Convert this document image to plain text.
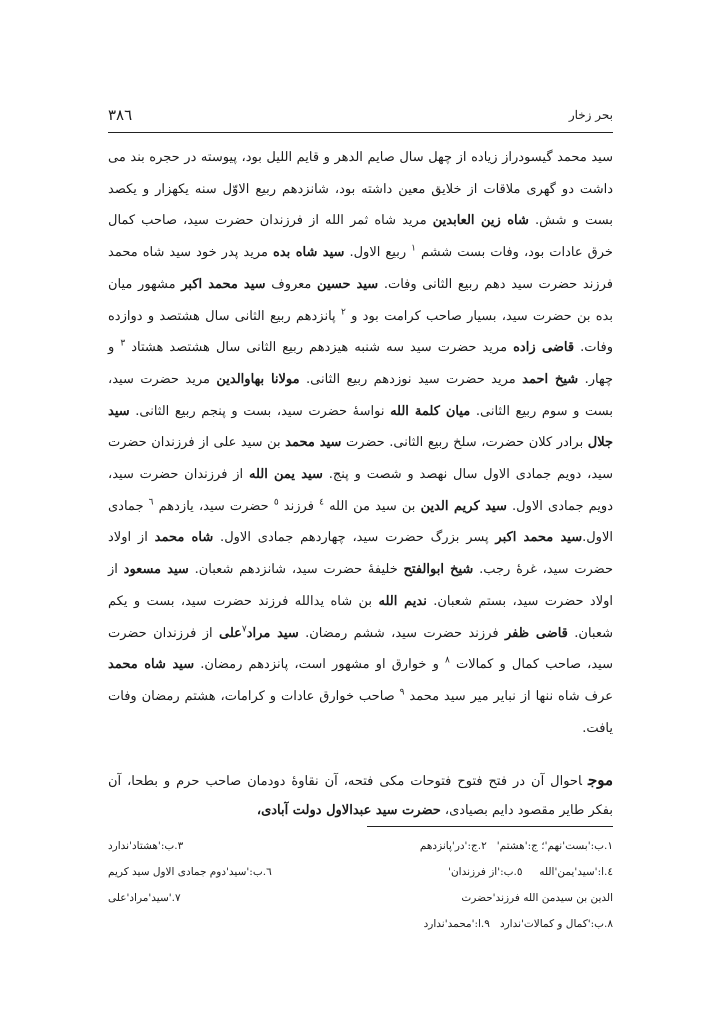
۳۸٦	بحر زخار

سید محمد گیسودراز زیاده از چهل سال صایم الدهر و قایم اللیل بود، پیوسته در حجره بند می داشت دو گهری ملاقات از خلایق معین داشته بود، شانزدهم ربیع الاوّل سنه یکهزار و یکصد بست و شش. شاه زین العابدین مرید شاه ثمر الله از فرزندان حضرت سید، صاحب کمال خرق عادات بود، وفات بست ششم $^١$ ربیع الاول. سید شاه بده مرید پدر خود سید شاه محمد فرزند حضرت سید دهم ربیع الثانی وفات. سید حسین معروف سید محمد اکبر مشهور میان بده بن حضرت سید، بسیار صاحب کرامت بود و $^٢$ پانزدهم ربیع الثانی سال هشتصد و دوازده وفات. قاضی زاده مرید حضرت سید سه شنبه هیزدهم ربیع الثانی سال هشتصد هشتاد $^٣$ و چهار. شیخ احمد مرید حضرت سید نوزدهم ربیع الثانی. مولانا بهاوالدین مرید حضرت سید، بست و سوم ربیع الثانی. میان کلمة الله نواسهٔ حضرت سید، بست و پنجم ربیع الثانی. سید جلال برادر کلان حضرت، سلخ ربیع الثانی. حضرت سید محمد بن سید علی از فرزندان حضرت سید، دویم جمادی الاول سال نهصد و شصت و پنج. سید یمن الله از فرزندان حضرت سید، دویم جمادی الاول. سید کریم الدین بن سید من الله $^٤$ فرزند $^٥$ حضرت سید، یازدهم $^٦$ جمادی الاول.سید محمد اکبر پسر بزرگ حضرت سید، چهاردهم جمادی الاول. شاه محمد از اولاد حضرت سید، غرهٔ رجب. شیخ ابوالفتح خلیفهٔ حضرت سید، شانزدهم شعبان. سید مسعود از اولاد حضرت سید، بستم شعبان. ندیم الله بن شاه یدالله فرزند حضرت سید، بست و یکم شعبان. قاضی ظفر فرزند حضرت سید، ششم رمضان. سید مراد$^٧$علی از فرزندان حضرت سید، صاحب کمال و کمالات $^٨$ و خوارق او مشهور است، پانزدهم رمضان. سید شاه محمد عرف شاه ننها از نبایر میر سید محمد $^٩$ صاحب خوارق عادات و کرامات، هشتم رمضان وفات یافت.

موجاحوال آن در فتح فتوح فتوحات مکی فتحه، آن نقاوهٔ دودمان صاحب حرم و بطحا، آن بفکر طایر مقصود دایم بصیادی، حضرت سید عبدالاول دولت آبادی،
١.ب:'بست'نهم'؛ ج:'هشتم'   ٢.ج:'در'پانزدهم
٣.ب:'هشتاد'ندارد
٤.ا:'سید'یمن'الله     ٥.ب:'از فرزندان'
٦.ب:'سید'دوم جمادی الاول سید کریم
الدین بن سیدمن الله فرزند'حضرت
٧.'سید'مراد'علی
٨.ب:'کمال و کمالات'ندارد   ٩.ا:'محمد'ندارد
